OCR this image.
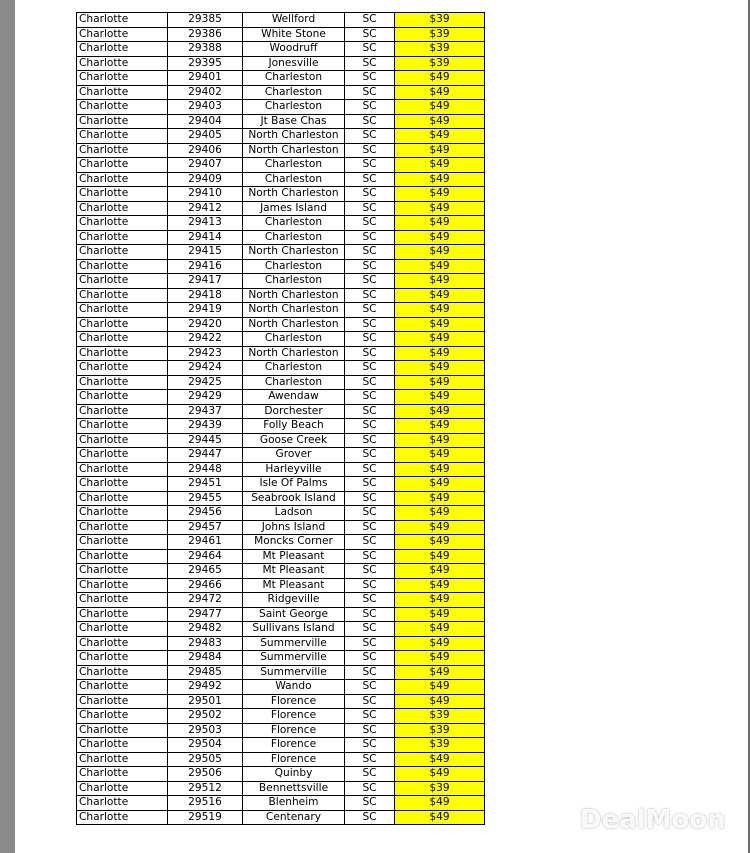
Charlotte	29385	Wellford	SC	$39
Charlotte	29386	White Stone	SC	$39
Charlotte	29388	Woodruff	SC	$39
Charlotte	29395	Jonesville	SC	$39
Charlotte	29401	Charleston	SC	$49
Charlotte	29402	Charleston	SC	$49
Charlotte	29403	Charleston	SC	$49
Charlotte	29404	Jt Base Chas	SC	$49
Charlotte	29405	North Charleston	SC	$49
Charlotte	29406	North Charleston	SC	$49
Charlotte	29407	Charleston	SC	$49
Charlotte	29409	Charleston	SC	$49
Charlotte	29410	North Charleston	SC	$49
Charlotte	29412	James Island	SC	$49
Charlotte	29413	Charleston	SC	$49
Charlotte	29414	Charleston	SC	$49
Charlotte	29415	North Charleston	SC	$49
Charlotte	29416	Charleston	SC	$49
Charlotte	29417	Charleston	SC	$49
Charlotte	29418	North Charleston	SC	$49
Charlotte	29419	North Charleston	SC	$49
Charlotte	29420	North Charleston	SC	$49
Charlotte	29422	Charleston	SC	$49
Charlotte	29423	North Charleston	SC	$49
Charlotte	29424	Charleston	SC	$49
Charlotte	29425	Charleston	SC	$49
Charlotte	29429	Awendaw	SC	$49
Charlotte	29437	Dorchester	SC	$49
Charlotte	29439	Folly Beach	SC	$49
Charlotte	29445	Goose Creek	SC	$49
Charlotte	29447	Grover	SC	$49
Charlotte	29448	Harleyville	SC	$49
Charlotte	29451	Isle Of Palms	SC	$49
Charlotte	29455	Seabrook Island	SC	$49
Charlotte	29456	Ladson	SC	$49
Charlotte	29457	Johns Island	SC	$49
Charlotte	29461	Moncks Corner	SC	$49
Charlotte	29464	Mt Pleasant	SC	$49
Charlotte	29465	Mt Pleasant	SC	$49
Charlotte	29466	Mt Pleasant	SC	$49
Charlotte	29472	Ridgeville	SC	$49
Charlotte	29477	Saint George	SC	$49
Charlotte	29482	Sullivans Island	SC	$49
Charlotte	29483	Summerville	SC	$49
Charlotte	29484	Summerville	SC	$49
Charlotte	29485	Summerville	SC	$49
Charlotte	29492	Wando	SC	$49
Charlotte	29501	Florence	SC	$49
Charlotte	29502	Florence	SC	$39
Charlotte	29503	Florence	SC	$39
Charlotte	29504	Florence	SC	$39
Charlotte	29505	Florence	SC	$49
Charlotte	29506	Quinby	SC	$49
Charlotte	29512	Bennettsville	SC	$39
Charlotte	29516	Blenheim	SC	$49
Charlotte	29519	Centenary	SC	$49	DealMoon
